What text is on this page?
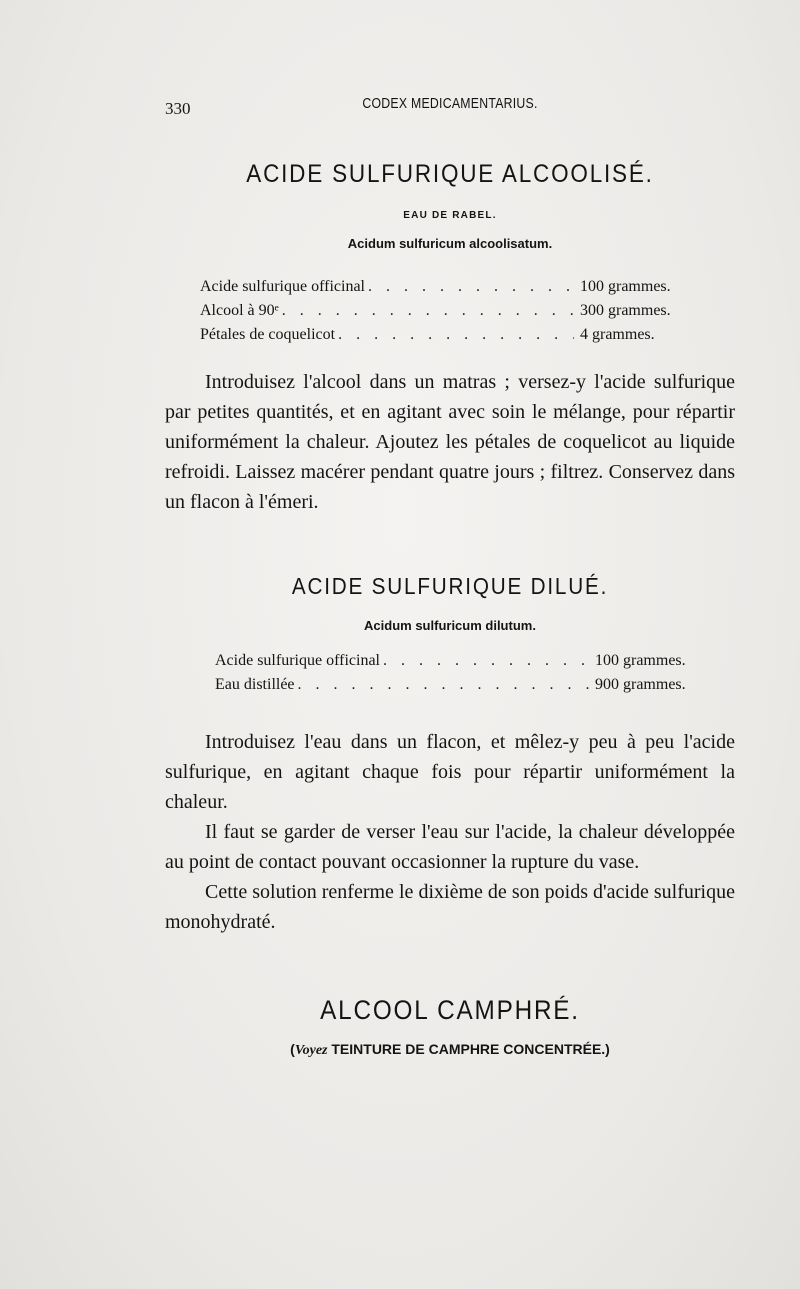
330	CODEX MEDICAMENTARIUS.
ACIDE SULFURIQUE ALCOOLISÉ.
EAU DE RABEL.
Acidum sulfuricum alcoolisatum.
Acide sulfurique officinal . . .	100 grammes.
Alcool à 90ᵉ . . .	300 grammes.
Pétales de coquelicot . . .	4 grammes.

Introduisez l'alcool dans un matras ; versez-y l'acide sulfurique par petites quantités, et en agitant avec soin le mélange, pour répartir uniformément la chaleur. Ajoutez les pétales de coquelicot au liquide refroidi. Laissez macérer pendant quatre jours ; filtrez. Conservez dans un flacon à l'émeri.

ACIDE SULFURIQUE DILUÉ.
Acidum sulfuricum dilutum.
Acide sulfurique officinal . . .	100 grammes.
Eau distillée . . .	900 grammes.

Introduisez l'eau dans un flacon, et mêlez-y peu à peu l'acide sulfurique, en agitant chaque fois pour répartir uniformément la chaleur.

Il faut se garder de verser l'eau sur l'acide, la chaleur développée au point de contact pouvant occasionner la rupture du vase.

Cette solution renferme le dixième de son poids d'acide sulfurique monohydraté.

ALCOOL CAMPHRÉ.
(Voyez TEINTURE DE CAMPHRE CONCENTRÉE.)
